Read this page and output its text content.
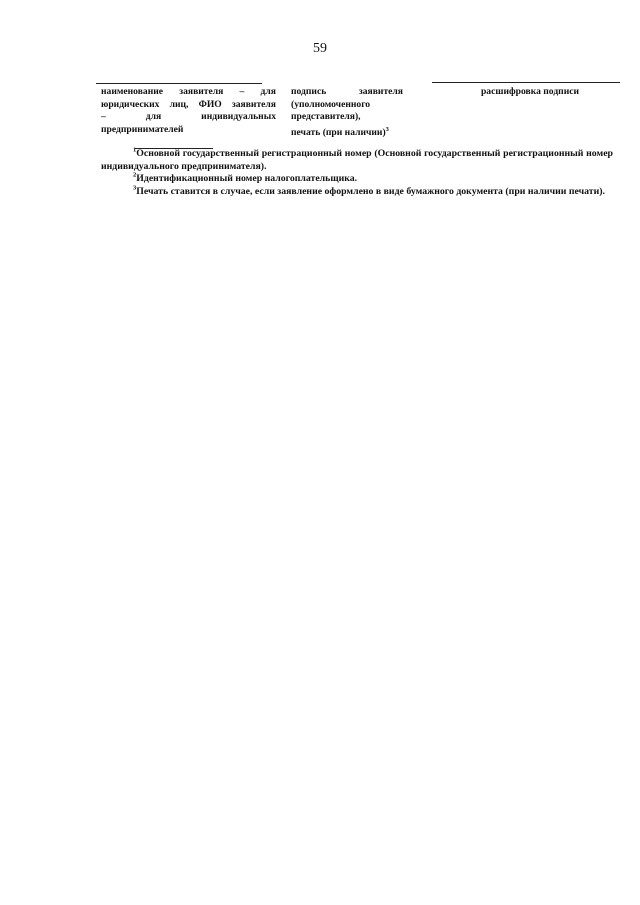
59
наименование заявителя – для
юридических лиц, ФИО заявителя
– для индивидуальных
предпринимателей
подпись заявителя
(уполномоченного
представителя),
печать (при наличии)$^3$
расшифровка подписи

$^1$Основной государственный регистрационный номер (Основной государственный регистрационный номер индивидуального предпринимателя).

$^2$Идентификационный номер налогоплательщика.

$^3$Печать ставится в случае, если заявление оформлено в виде бумажного документа (при наличии печати).
